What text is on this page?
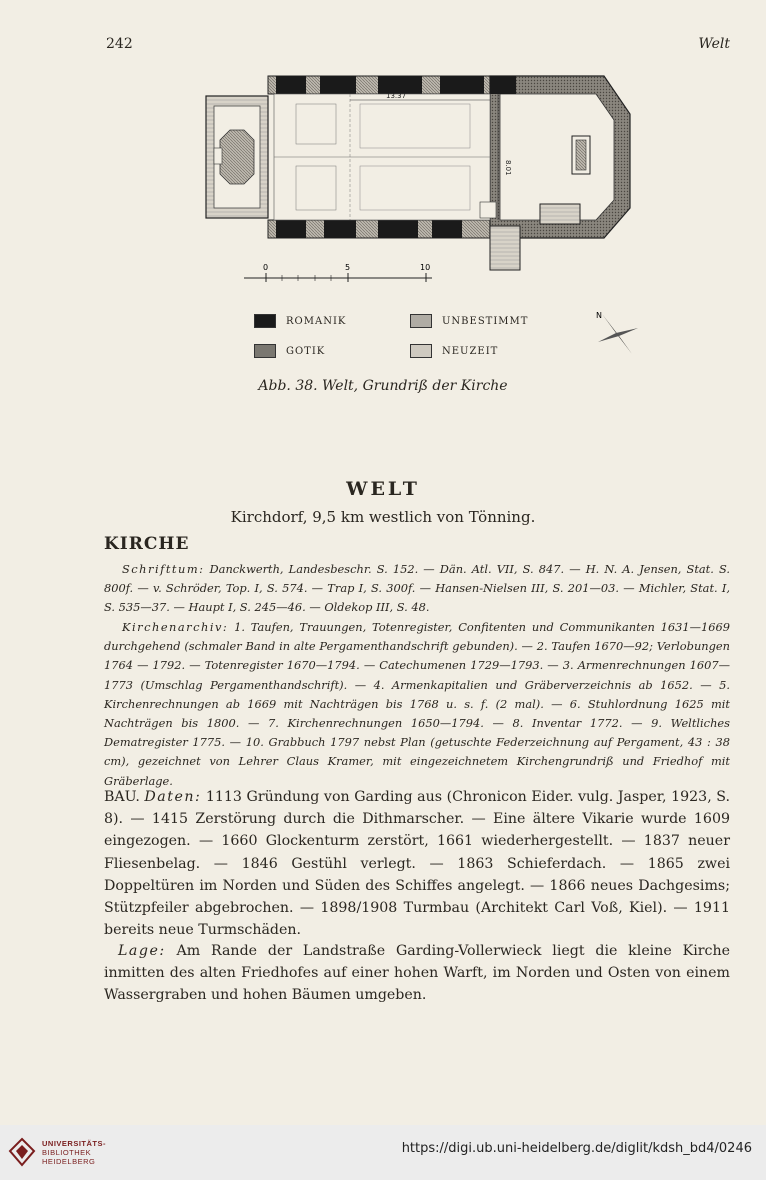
242	Welt
13.37
8.01
0	5	10
ROMANIK	UNBESTIMMT
GOTIK	NEUZEIT
N
Abb. 38. Welt, Grundriß der Kirche
WELT
Kirchdorf, 9,5 km westlich von Tönning.
KIRCHE
Schrifttum: Danckwerth, Landesbeschr. S. 152. — Dän. Atl. VII, S. 847. — H. N. A. Jensen, Stat. S. 800f. — v. Schröder, Top. I, S. 574. — Trap I, S. 300f. — Hansen-Nielsen III, S. 201—03. — Michler, Stat. I, S. 535—37. — Haupt I, S. 245—46. — Oldekop III, S. 48.
Kirchenarchiv: 1. Taufen, Trauungen, Totenregister, Confitenten und Communikanten 1631—1669 durchgehend (schmaler Band in alte Pergamenthandschrift gebunden). — 2. Taufen 1670—92; Verlobungen 1764 — 1792. — Totenregister 1670—1794. — Catechumenen 1729—1793. — 3. Armenrechnungen 1607—1773 (Umschlag Pergamenthandschrift). — 4. Armenkapitalien und Gräberverzeichnis ab 1652. — 5. Kirchenrechnungen ab 1669 mit Nachträgen bis 1768 u. s. f. (2 mal). — 6. Stuhlordnung 1625 mit Nachträgen bis 1800. — 7. Kirchenrechnungen 1650—1794. — 8. Inventar 1772. — 9. Weltliches Dematregister 1775. — 10. Grabbuch 1797 nebst Plan (getuschte Federzeichnung auf Pergament, 43 : 38 cm), gezeichnet von Lehrer Claus Kramer, mit eingezeichnetem Kirchengrundriß und Friedhof mit Gräberlage.
BAU. Daten: 1113 Gründung von Garding aus (Chronicon Eider. vulg. Jasper, 1923, S. 8). — 1415 Zerstörung durch die Dithmarscher. — Eine ältere Vikarie wurde 1609 eingezogen. — 1660 Glockenturm zerstört, 1661 wiederhergestellt. — 1837 neuer Fliesenbelag. — 1846 Gestühl verlegt. — 1863 Schieferdach. — 1865 zwei Doppeltüren im Norden und Süden des Schiffes angelegt. — 1866 neues Dachgesims; Stützpfeiler abgebrochen. — 1898/1908 Turmbau (Architekt Carl Voß, Kiel). — 1911 bereits neue Turmschäden.
Lage: Am Rande der Landstraße Garding-Vollerwieck liegt die kleine Kirche inmitten des alten Friedhofes auf einer hohen Warft, im Norden und Osten von einem Wassergraben und hohen Bäumen umgeben.
UNIVERSITÄTS-
BIBLIOTHEK
HEIDELBERG
https://digi.ub.uni-heidelberg.de/diglit/kdsh_bd4/0246
